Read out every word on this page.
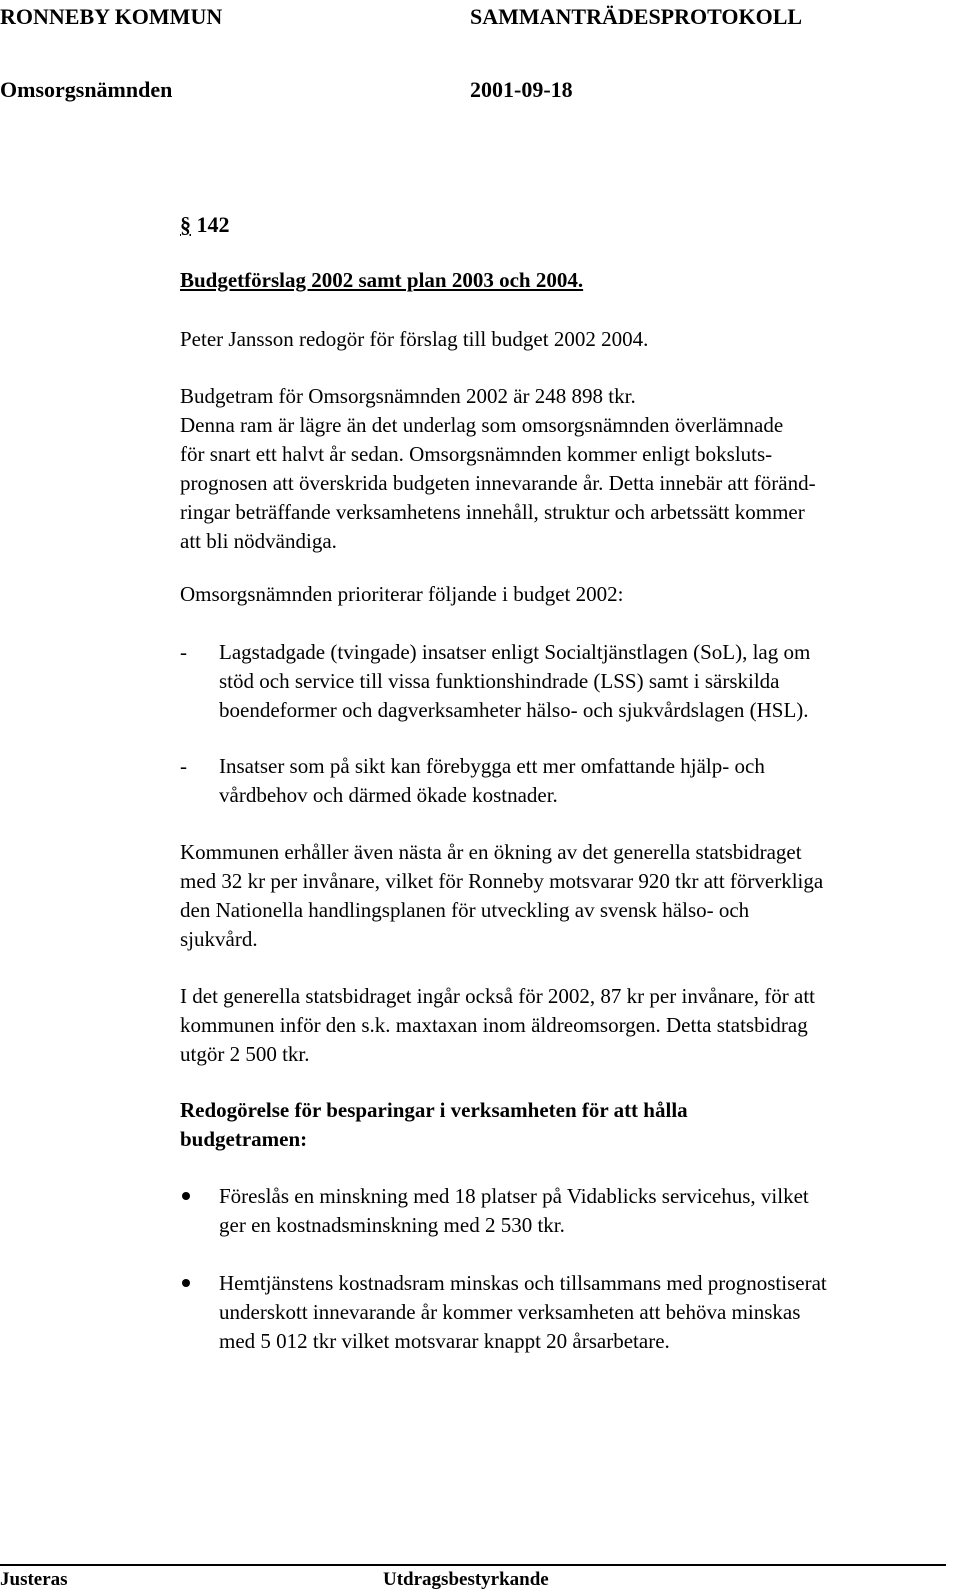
RONNEBY KOMMUN	SAMMANTRÄDESPROTOKOLL
Omsorgsnämnden	2001-09-18
§ 142
Budgetförslag 2002 samt plan 2003 och 2004.
Peter Jansson redogör för förslag till budget 2002 2004.
Budgetram för Omsorgsnämnden 2002 är 248 898 tkr.
Denna ram är lägre än det underlag som omsorgsnämnden överlämnade
för snart ett halvt år sedan. Omsorgsnämnden kommer enligt boksluts-
prognosen att överskrida budgeten innevarande år. Detta innebär att föränd-
ringar beträffande verksamhetens innehåll, struktur och arbetssätt kommer
att bli nödvändiga.
Omsorgsnämnden prioriterar följande i budget 2002:
- Lagstadgade (tvingade) insatser enligt Socialtjänstlagen (SoL), lag om
stöd och service till vissa funktionshindrade (LSS) samt i särskilda
boendeformer och dagverksamheter hälso- och sjukvårdslagen (HSL).
- Insatser som på sikt kan förebygga ett mer omfattande hjälp- och
vårdbehov och därmed ökade kostnader.
Kommunen erhåller även nästa år en ökning av det generella statsbidraget
med 32 kr per invånare, vilket för Ronneby motsvarar 920 tkr att förverkliga
den Nationella handlingsplanen för utveckling av svensk hälso- och
sjukvård.
I det generella statsbidraget ingår också för 2002, 87 kr per invånare, för att
kommunen inför den s.k. maxtaxan inom äldreomsorgen. Detta statsbidrag
utgör 2 500 tkr.
Redogörelse för besparingar i verksamheten för att hålla
budgetramen:
Föreslås en minskning med 18 platser på Vidablicks servicehus, vilket
ger en kostnadsminskning med 2 530 tkr.
Hemtjänstens kostnadsram minskas och tillsammans med prognostiserat
underskott innevarande år kommer verksamheten att behöva minskas
med 5 012 tkr vilket motsvarar knappt 20 årsarbetare.
Justeras	Utdragsbestyrkande
